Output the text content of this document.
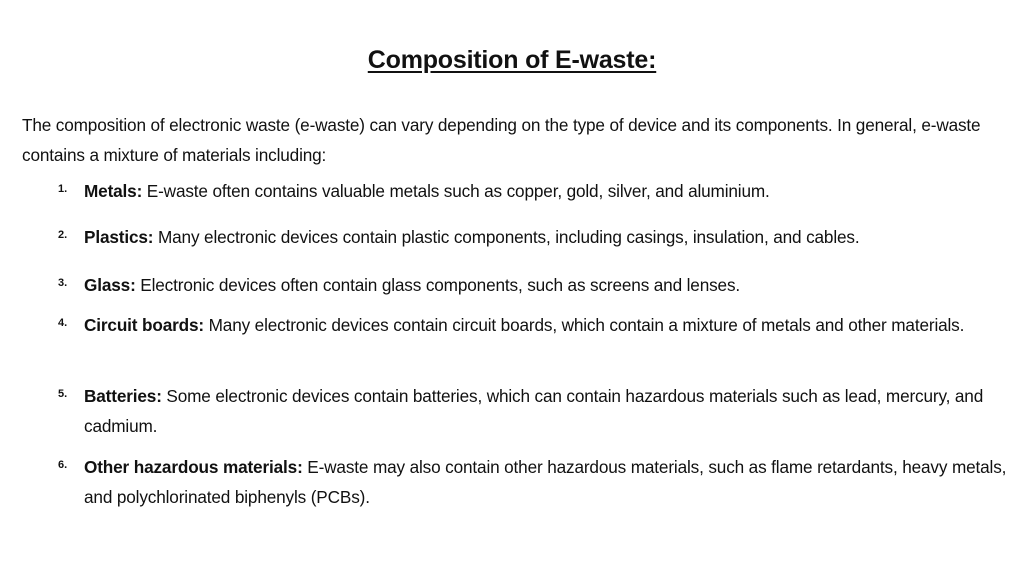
Composition of E-waste:

The composition of electronic waste (e-waste) can vary depending on the type of device and its components. In general, e-waste contains a mixture of materials including:

1. Metals: E-waste often contains valuable metals such as copper, gold, silver, and aluminium.
2. Plastics: Many electronic devices contain plastic components, including casings, insulation, and cables.
3. Glass: Electronic devices often contain glass components, such as screens and lenses.
4. Circuit boards: Many electronic devices contain circuit boards, which contain a mixture of metals and other materials.
5. Batteries: Some electronic devices contain batteries, which can contain hazardous materials such as lead, mercury, and cadmium.
6. Other hazardous materials: E-waste may also contain other hazardous materials, such as flame retardants, heavy metals, and polychlorinated biphenyls (PCBs).
